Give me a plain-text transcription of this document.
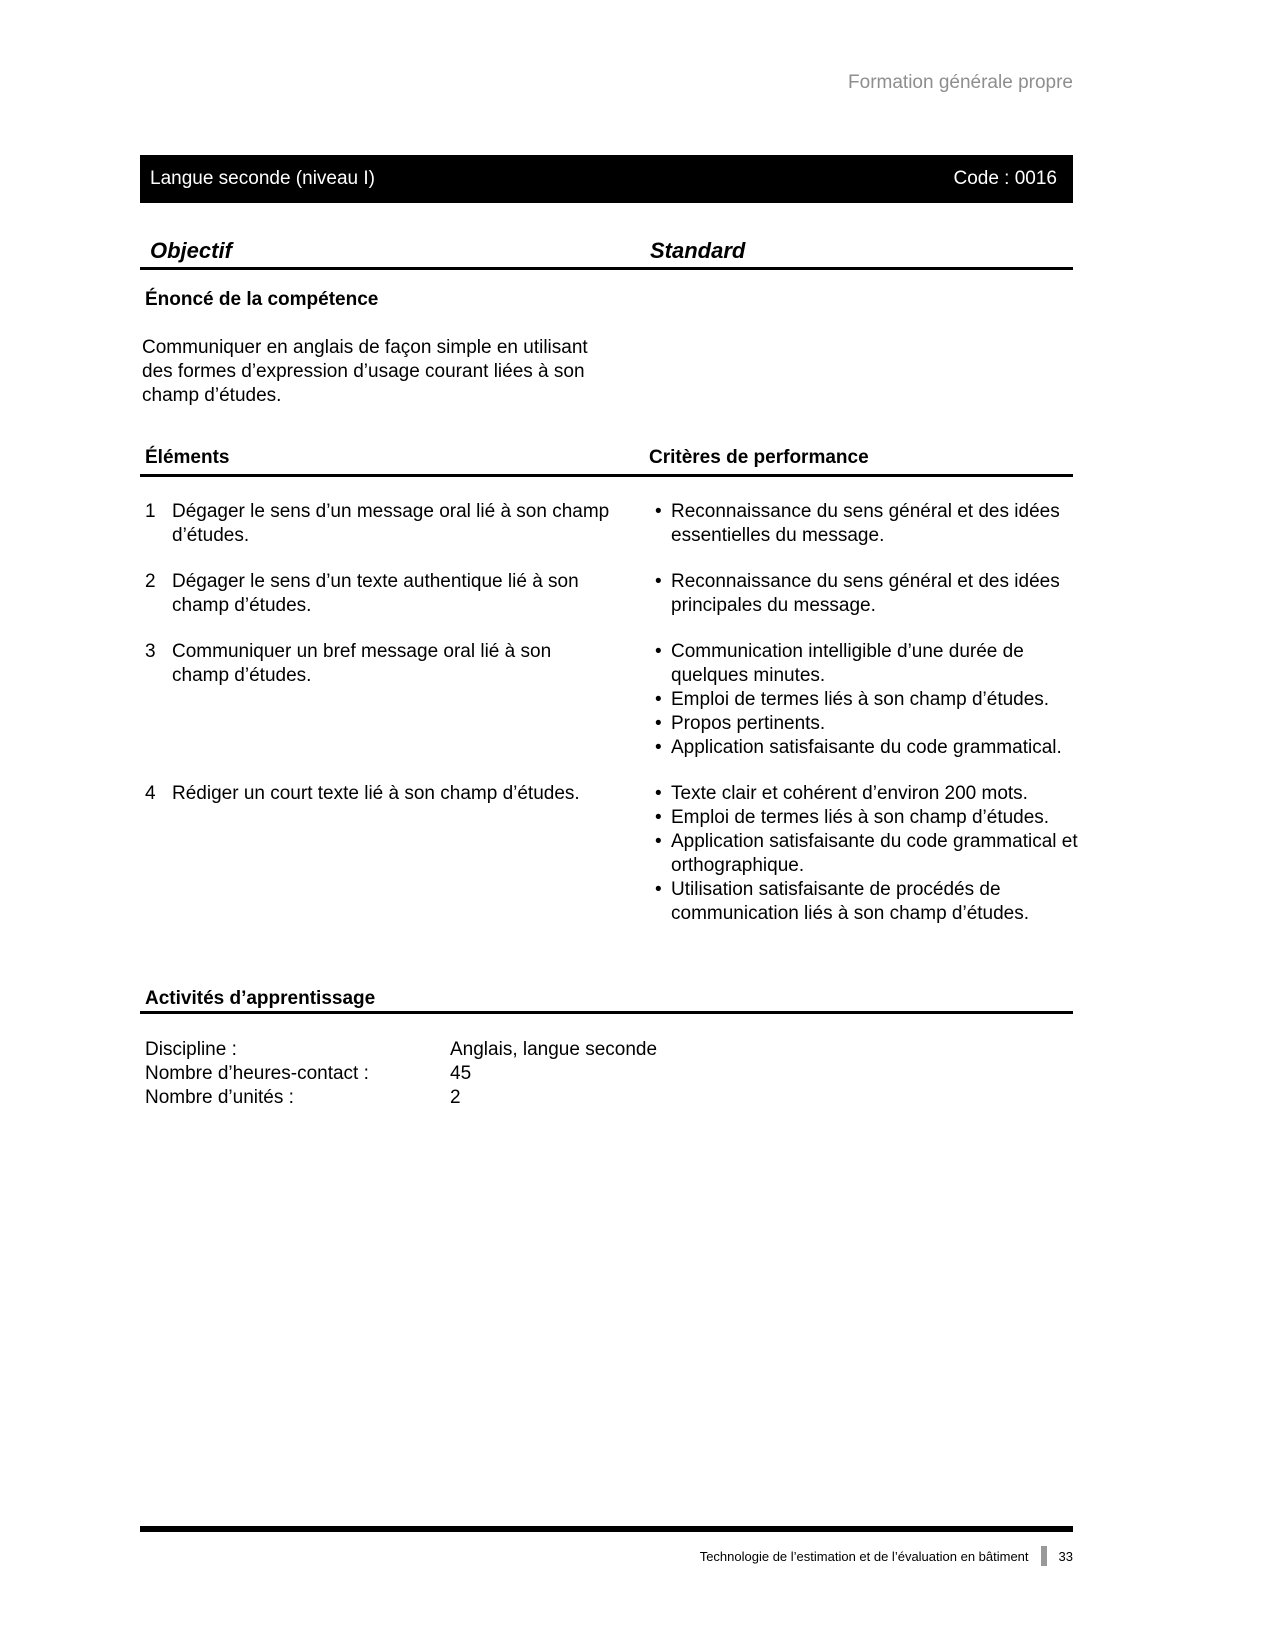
Formation générale propre
Langue seconde (niveau I)	Code : 0016
Objectif	Standard
Énoncé de la compétence
Communiquer en anglais de façon simple en utilisant des formes d’expression d’usage courant liées à son champ d’études.
Éléments	Critères de performance
1 Dégager le sens d’un message oral lié à son champ d’études.
• Reconnaissance du sens général et des idées essentielles du message.
2 Dégager le sens d’un texte authentique lié à son champ d’études.
• Reconnaissance du sens général et des idées principales du message.
3 Communiquer un bref message oral lié à son champ d’études.
• Communication intelligible d’une durée de quelques minutes.
• Emploi de termes liés à son champ d’études.
• Propos pertinents.
• Application satisfaisante du code grammatical.
4 Rédiger un court texte lié à son champ d’études.	• Texte clair et cohérent d’environ 200 mots.
• Emploi de termes liés à son champ d’études.
• Application satisfaisante du code grammatical et orthographique.
• Utilisation satisfaisante de procédés de communication liés à son champ d’études.
Activités d’apprentissage
Discipline :	Anglais, langue seconde
Nombre d’heures-contact :	45
Nombre d’unités :	2
Technologie de l’estimation et de l’évaluation en bâtiment 33
